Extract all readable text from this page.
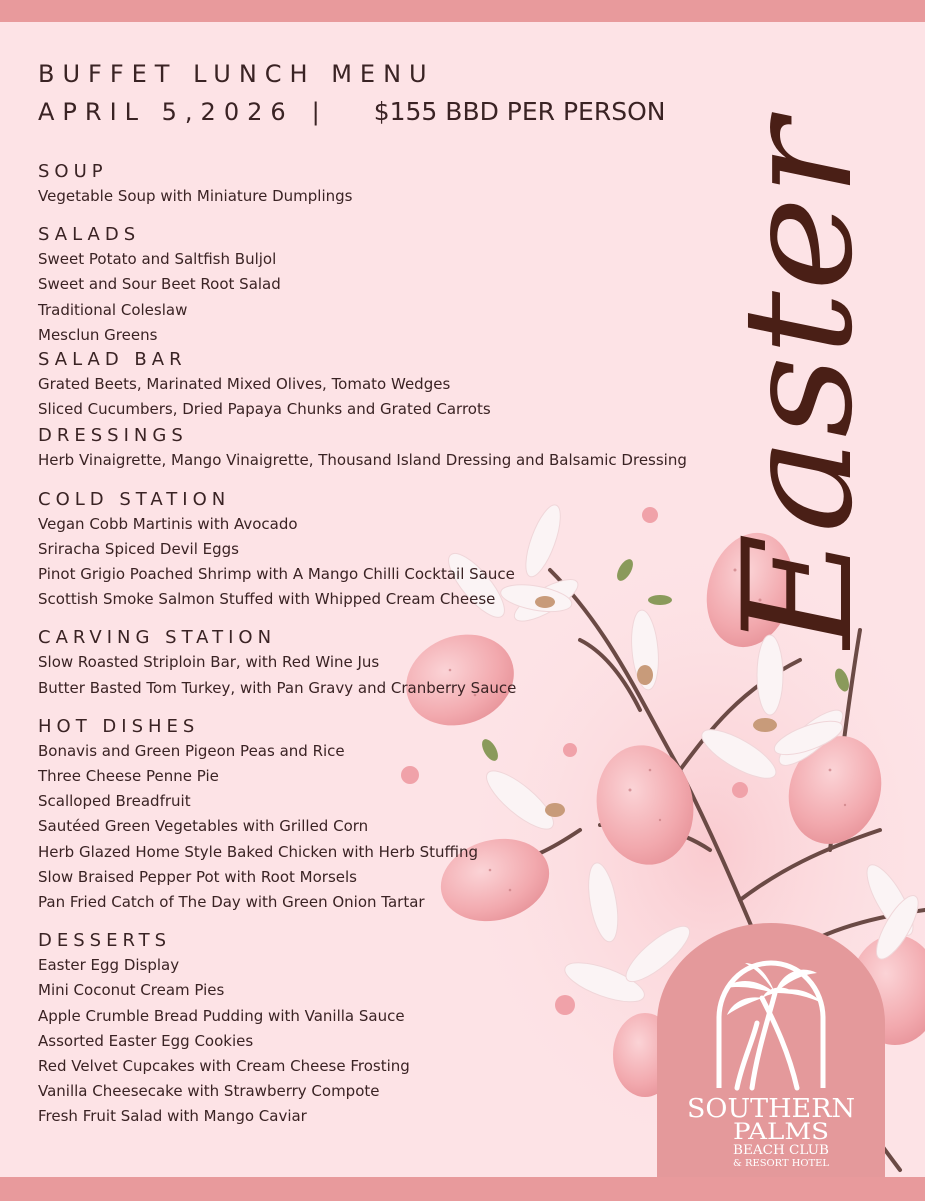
BUFFET LUNCH MENU
APRIL 5,2026 | $155 BBD PER PERSON
Easter
SOUP
Vegetable Soup with Miniature Dumplings
SALADS
Sweet Potato and Saltfish Buljol
Sweet and Sour Beet Root Salad
Traditional Coleslaw
Mesclun Greens
SALAD BAR
Grated Beets, Marinated Mixed Olives, Tomato Wedges
Sliced Cucumbers, Dried Papaya Chunks and Grated Carrots
DRESSINGS
Herb Vinaigrette, Mango Vinaigrette, Thousand Island Dressing and Balsamic Dressing
COLD STATION
Vegan Cobb Martinis with Avocado
Sriracha Spiced Devil Eggs
Pinot Grigio Poached Shrimp with A Mango Chilli Cocktail Sauce
Scottish Smoke Salmon Stuffed with Whipped Cream Cheese
CARVING STATION
Slow Roasted Striploin Bar, with Red Wine Jus
Butter Basted Tom Turkey, with Pan Gravy and Cranberry Sauce
HOT DISHES
Bonavis and Green Pigeon Peas and Rice
Three Cheese Penne Pie
Scalloped Breadfruit
Sautéed Green Vegetables with Grilled Corn
Herb Glazed Home Style Baked Chicken with Herb Stuffing
Slow Braised Pepper Pot with Root Morsels
Pan Fried Catch of The Day with Green Onion Tartar
DESSERTS
Easter Egg Display
Mini Coconut Cream Pies
Apple Crumble Bread Pudding with Vanilla Sauce
Assorted Easter Egg Cookies
Red Velvet Cupcakes with Cream Cheese Frosting
Vanilla Cheesecake with Strawberry Compote
Fresh Fruit Salad with Mango Caviar	SOUTHERN
PALMS
BEACH CLUB
& RESORT HOTEL
